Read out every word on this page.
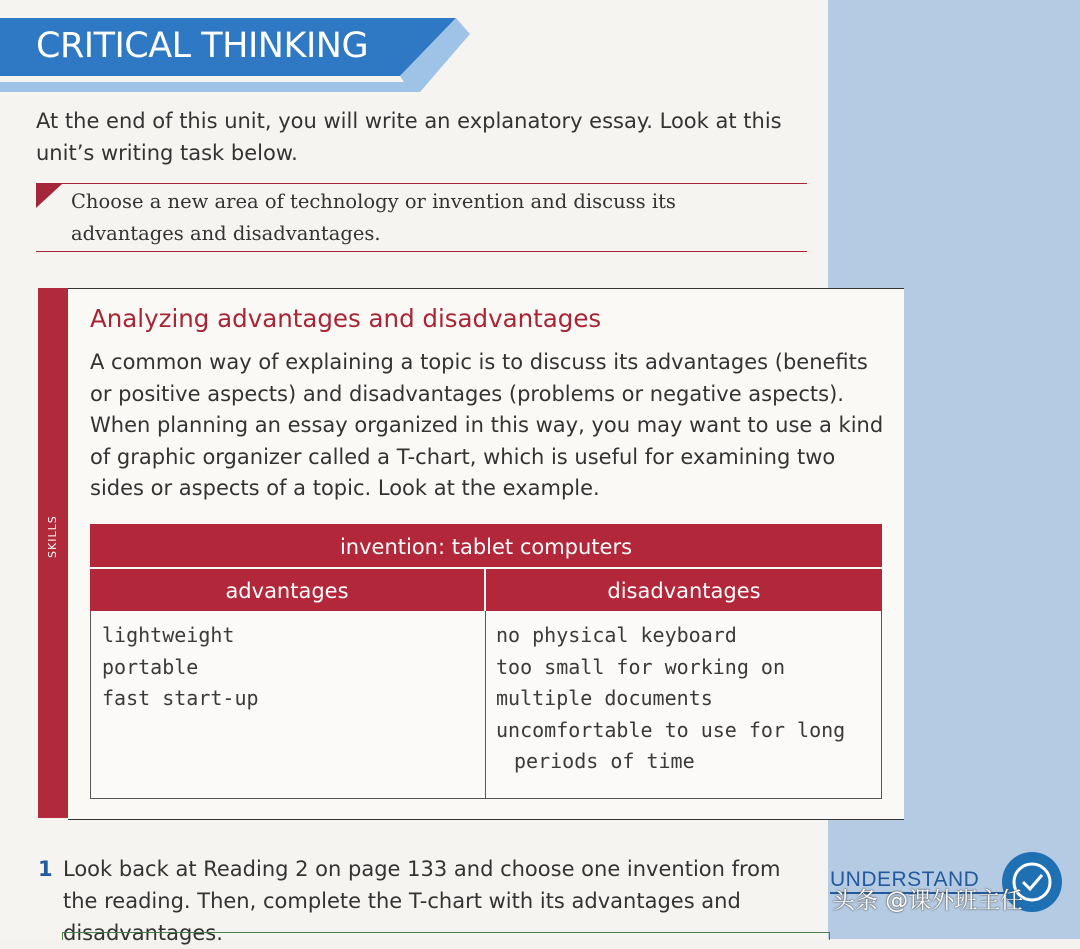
CRITICAL THINKING
At the end of this unit, you will write an explanatory essay. Look at this unit’s writing task below.
Choose a new area of technology or invention and discuss its advantages and disadvantages.
SKILLS
Analyzing advantages and disadvantages
A common way of explaining a topic is to discuss its advantages (benefits or positive aspects) and disadvantages (problems or negative aspects). When planning an essay organized in this way, you may want to use a kind of graphic organizer called a T-chart, which is useful for examining two sides or aspects of a topic. Look at the example.
invention: tablet computers
advantages	disadvantages
lightweight
portable
fast start-up
no physical keyboard
too small for working on
multiple documents
uncomfortable to use for long
periods of time
1 Look back at Reading 2 on page 133 and choose one invention from the reading. Then, complete the T-chart with its advantages and disadvantages.
UNDERSTAND
头条 @课外班主任
